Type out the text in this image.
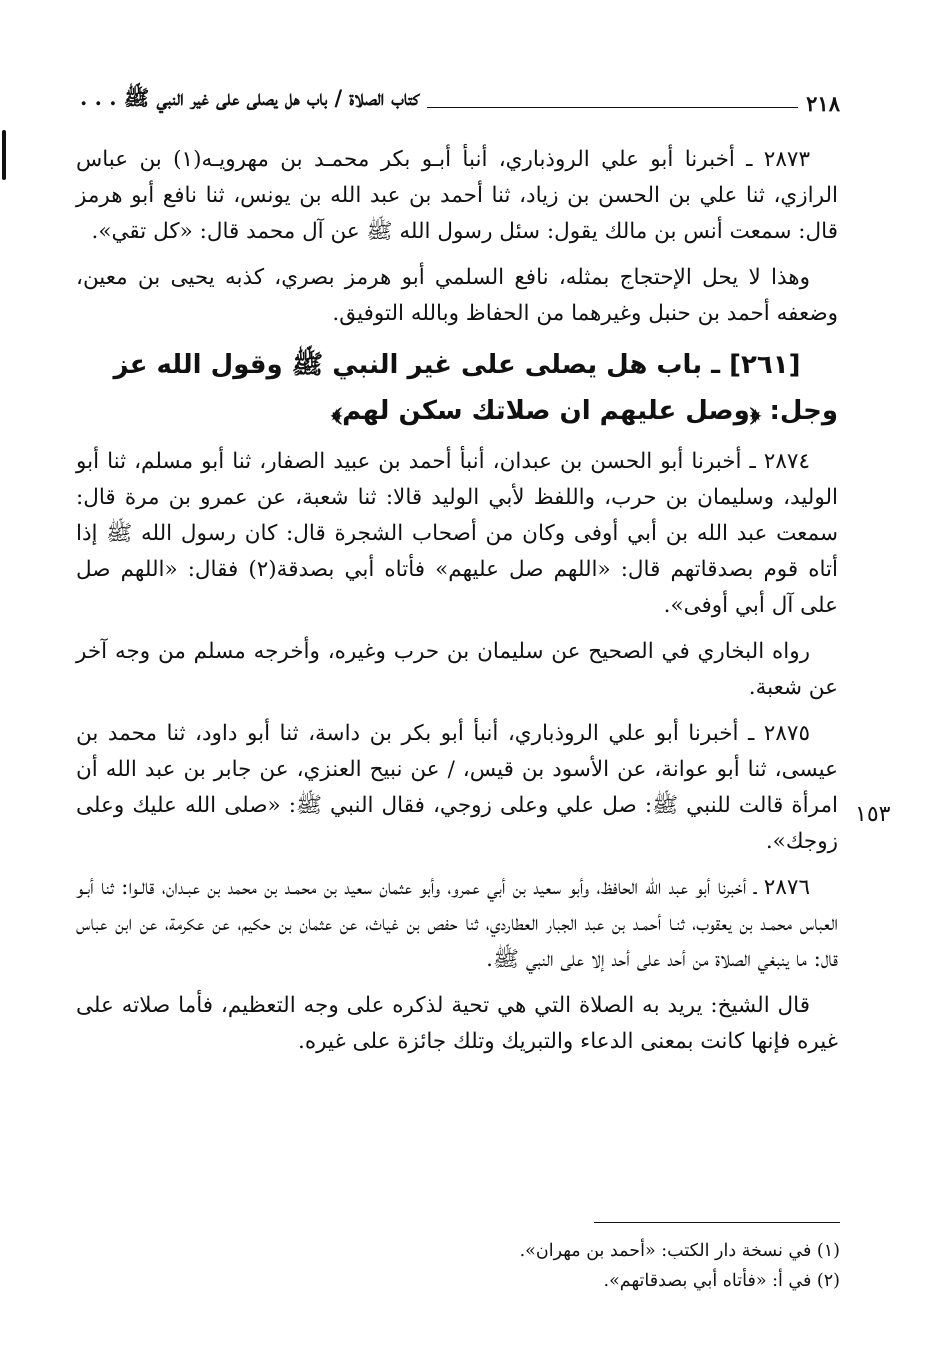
٢١٨
كتاب الصلاة / باب هل يصلى على غير النبي ﷺ . . .

٢٨٧٣ ـ أخبرنا أبو علي الروذباري، أنبأ أبـو بكر محمـد بن مهرويـه(١) بن عباس الرازي، ثنا علي بن الحسن بن زياد، ثنا أحمد بن عبد الله بن يونس، ثنا نافع أبو هرمز قال: سمعت أنس بن مالك يقول: سئل رسول الله ﷺ عن آل محمد قال: «كل تقي».

وهذا لا يحل الإحتجاج بمثله، نافع السلمي أبو هرمز بصري، كذبه يحيى بن معين، وضعفه أحمد بن حنبل وغيرهما من الحفاظ وبالله التوفيق.

[٢٦١] ـ باب هل يصلى على غير النبي ﷺ وقول الله عز وجل: ﴿وصل عليهم ان صلاتك سكن لهم﴾

٢٨٧٤ ـ أخبرنا أبو الحسن بن عبدان، أنبأ أحمد بن عبيد الصفار، ثنا أبو مسلم، ثنا أبو الوليد، وسليمان بن حرب، واللفظ لأبي الوليد قالا: ثنا شعبة، عن عمرو بن مرة قال: سمعت عبد الله بن أبي أوفى وكان من أصحاب الشجرة قال: كان رسول الله ﷺ إذا أتاه قوم بصدقاتهم قال: «اللهم صل عليهم» فأتاه أبي بصدقة(٢) فقال: «اللهم صل على آل أبي أوفى».

رواه البخاري في الصحيح عن سليمان بن حرب وغيره، وأخرجه مسلم من وجه آخر عن شعبة.

٢٨٧٥ ـ أخبرنا أبو علي الروذباري، أنبأ أبو بكر بن داسة، ثنا أبو داود، ثنا محمد بن عيسى، ثنا أبو عوانة، عن الأسود بن قيس، / عن نبيح العنزي، عن جابر بن عبد الله أن امرأة قالت للنبي ﷺ: صل علي وعلى زوجي، فقال النبي ﷺ: «صلى الله عليك وعلى زوجك».

٢٨٧٦ ـ أخبرنا أبو عبد الله الحافظ، وأبو سعيد بن أبي عمرو، وأبو عثمان سعيد بن محمـد بن محمد بن عبـدان، قالـوا: ثنا أبـو العباس محمـد بن يعقوب، ثنـا أحمـد بن عبد الجبار العطاردي، ثنا حفص بن غياث، عن عثمان بن حكيم، عن عكرمة، عن ابن عباس قال: ما ينبغي الصلاة من أحد على أحد إلا على النبي ﷺ.

قال الشيخ: يريد به الصلاة التي هي تحية لذكره على وجه التعظيم، فأما صلاته على غيره فإنها كانت بمعنى الدعاء والتبريك وتلك جائزة على غيره.

١٥٣
(١) في نسخة دار الكتب: «أحمد بن مهران».
(٢) في أ: «فأتاه أبي بصدقاتهم».
